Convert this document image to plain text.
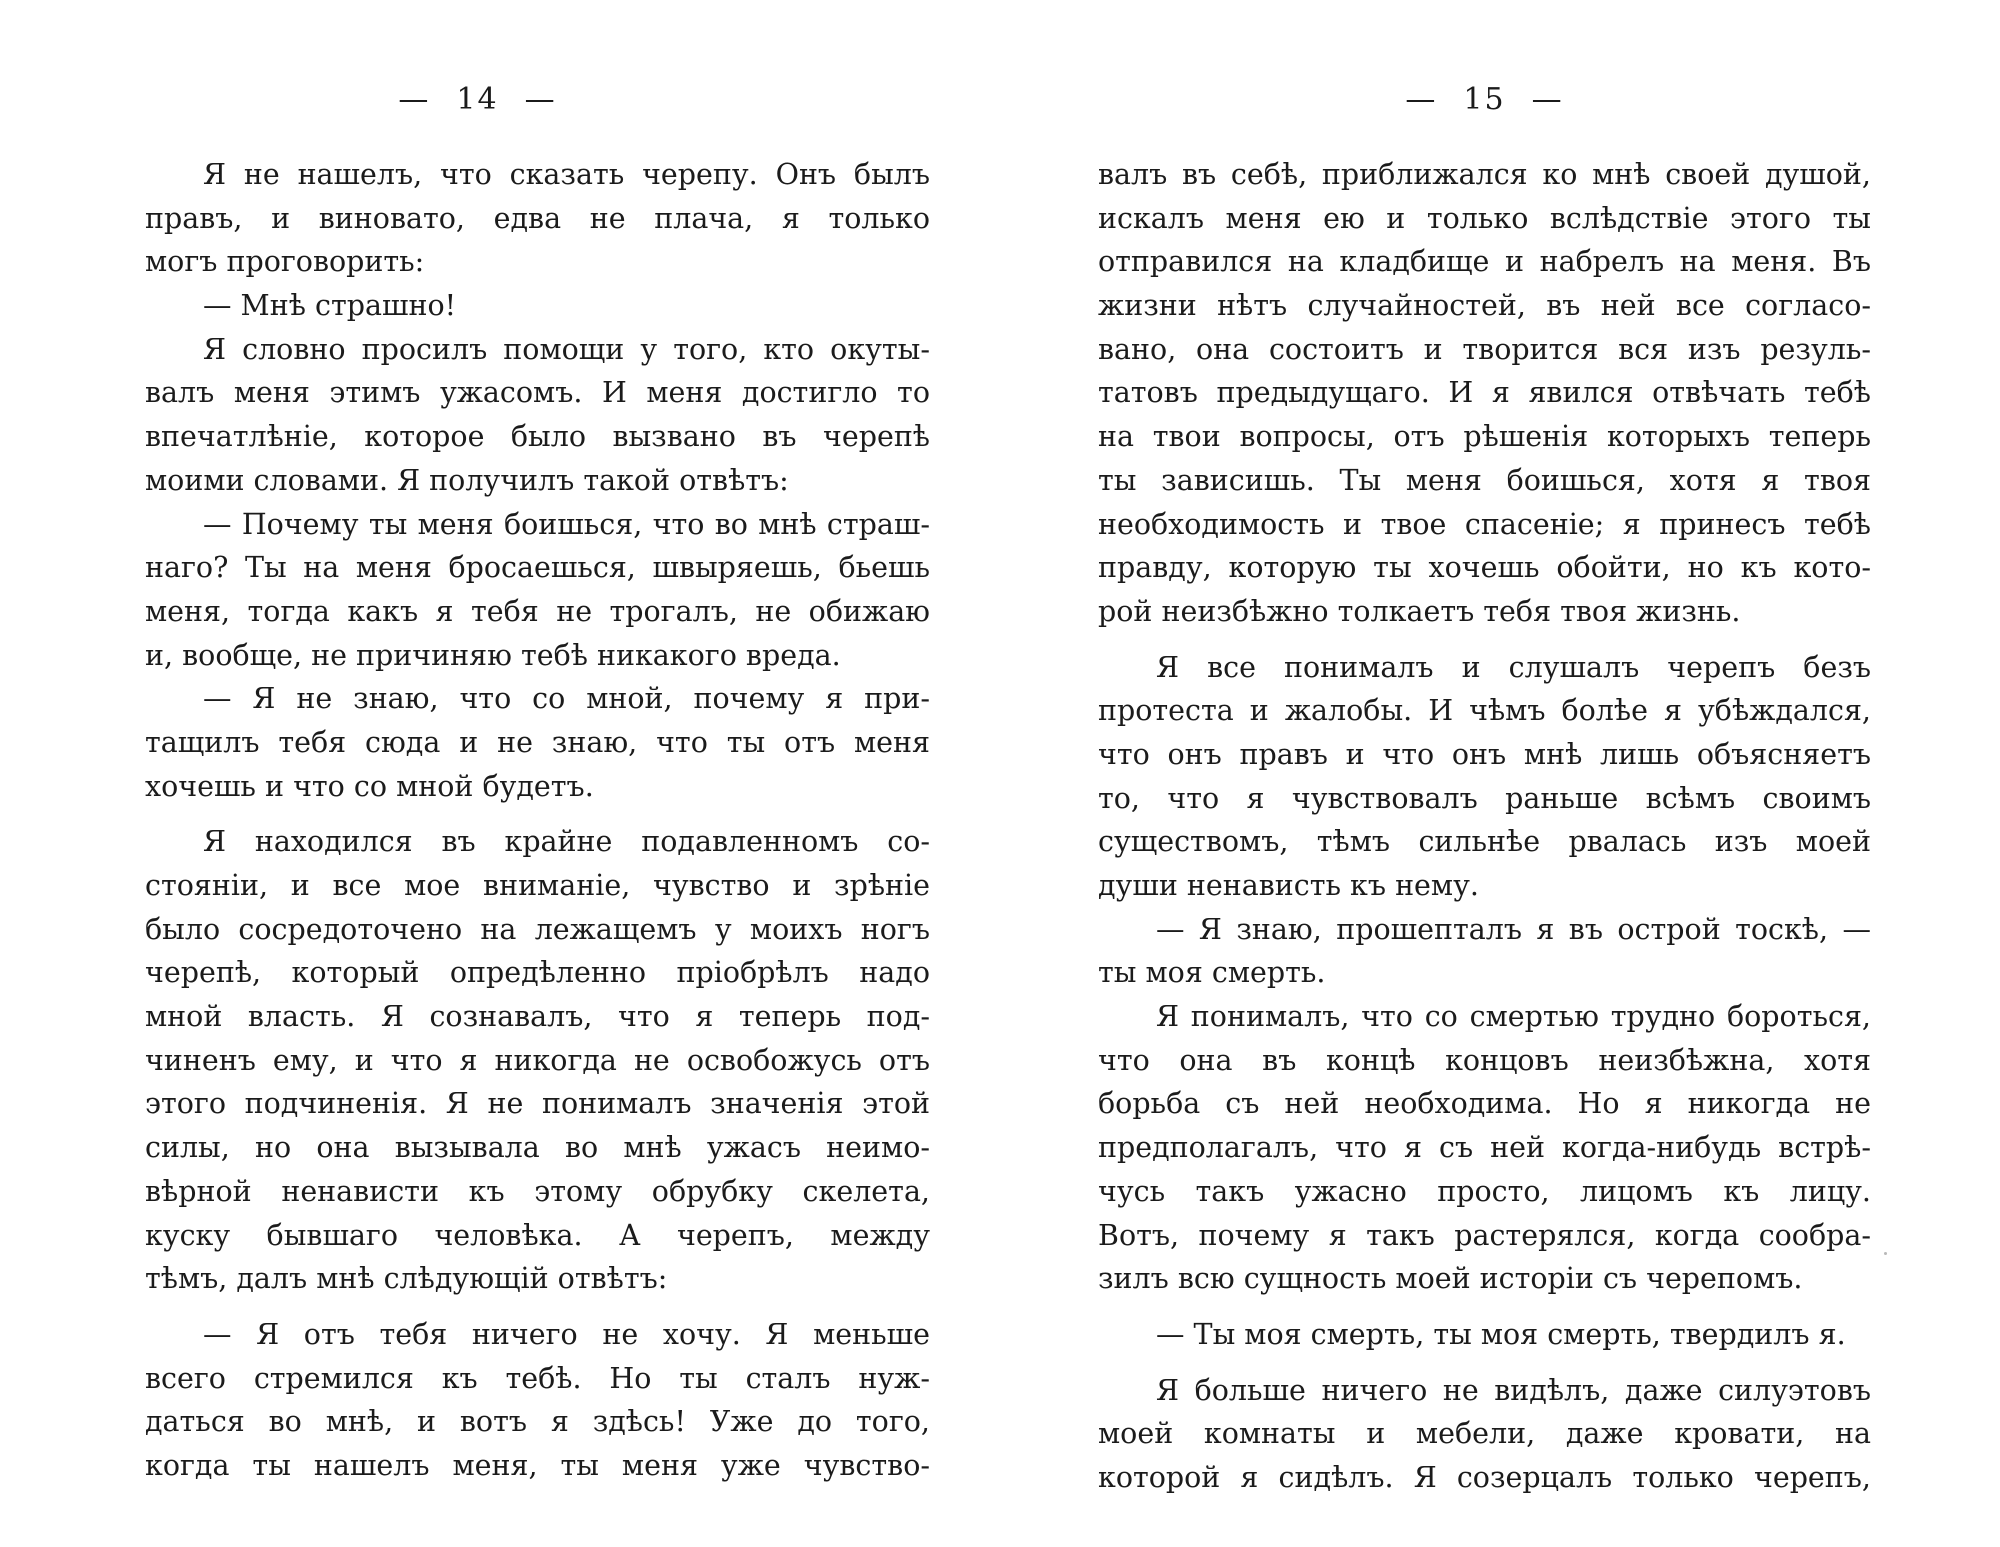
— 14 —
Я не нашелъ, что сказать черепу. Онъ былъ
правъ, и виновато, едва не плача, я только
могъ проговорить:
— Мнѣ страшно!
Я словно просилъ помощи у того, кто окуты-
валъ меня этимъ ужасомъ. И меня достигло то
впечатлѣніе, которое было вызвано въ черепѣ
моими словами. Я получилъ такой отвѣтъ:
— Почему ты меня боишься, что во мнѣ страш-
наго? Ты на меня бросаешься, швыряешь, бьешь
меня, тогда какъ я тебя не трогалъ, не обижаю
и, вообще, не причиняю тебѣ никакого вреда.
— Я не знаю, что со мной, почему я при-
тащилъ тебя сюда и не знаю, что ты отъ меня
хочешь и что со мной будетъ.
Я находился въ крайне подавленномъ со-
стояніи, и все мое вниманіе, чувство и зрѣніе
было сосредоточено на лежащемъ у моихъ ногъ
черепѣ, который опредѣленно пріобрѣлъ надо
мной власть. Я сознавалъ, что я теперь под-
чиненъ ему, и что я никогда не освобожусь отъ
этого подчиненія. Я не понималъ значенія этой
силы, но она вызывала во мнѣ ужасъ неимо-
вѣрной ненависти къ этому обрубку скелета,
куску бывшаго человѣка. А черепъ, между
тѣмъ, далъ мнѣ слѣдующій отвѣтъ:
— Я отъ тебя ничего не хочу. Я меньше
всего стремился къ тебѣ. Но ты сталъ нуж-
даться во мнѣ, и вотъ я здѣсь! Уже до того,
когда ты нашелъ меня, ты меня уже чувство-
— 15 —
валъ въ себѣ, приближался ко мнѣ своей душой,
искалъ меня ею и только вслѣдствіе этого ты
отправился на кладбище и набрелъ на меня. Въ
жизни нѣтъ случайностей, въ ней все согласо-
вано, она состоитъ и творится вся изъ резуль-
татовъ предыдущаго. И я явился отвѣчать тебѣ
на твои вопросы, отъ рѣшенія которыхъ теперь
ты зависишь. Ты меня боишься, хотя я твоя
необходимость и твое спасеніе; я принесъ тебѣ
правду, которую ты хочешь обойти, но къ кото-
рой неизбѣжно толкаетъ тебя твоя жизнь.
Я все понималъ и слушалъ черепъ безъ
протеста и жалобы. И чѣмъ болѣе я убѣждался,
что онъ правъ и что онъ мнѣ лишь объясняетъ
то, что я чувствовалъ раньше всѣмъ своимъ
существомъ, тѣмъ сильнѣе рвалась изъ моей
души ненависть къ нему.
— Я знаю, прошепталъ я въ острой тоскѣ, —
ты моя смерть.
Я понималъ, что со смертью трудно бороться,
что она въ концѣ концовъ неизбѣжна, хотя
борьба съ ней необходима. Но я никогда не
предполагалъ, что я съ ней когда-нибудь встрѣ-
чусь такъ ужасно просто, лицомъ къ лицу.
Вотъ, почему я такъ растерялся, когда сообра-
зилъ всю сущность моей исторіи съ черепомъ.
— Ты моя смерть, ты моя смерть, твердилъ я.
Я больше ничего не видѣлъ, даже силуэтовъ
моей комнаты и мебели, даже кровати, на
которой я сидѣлъ. Я созерцалъ только черепъ,
